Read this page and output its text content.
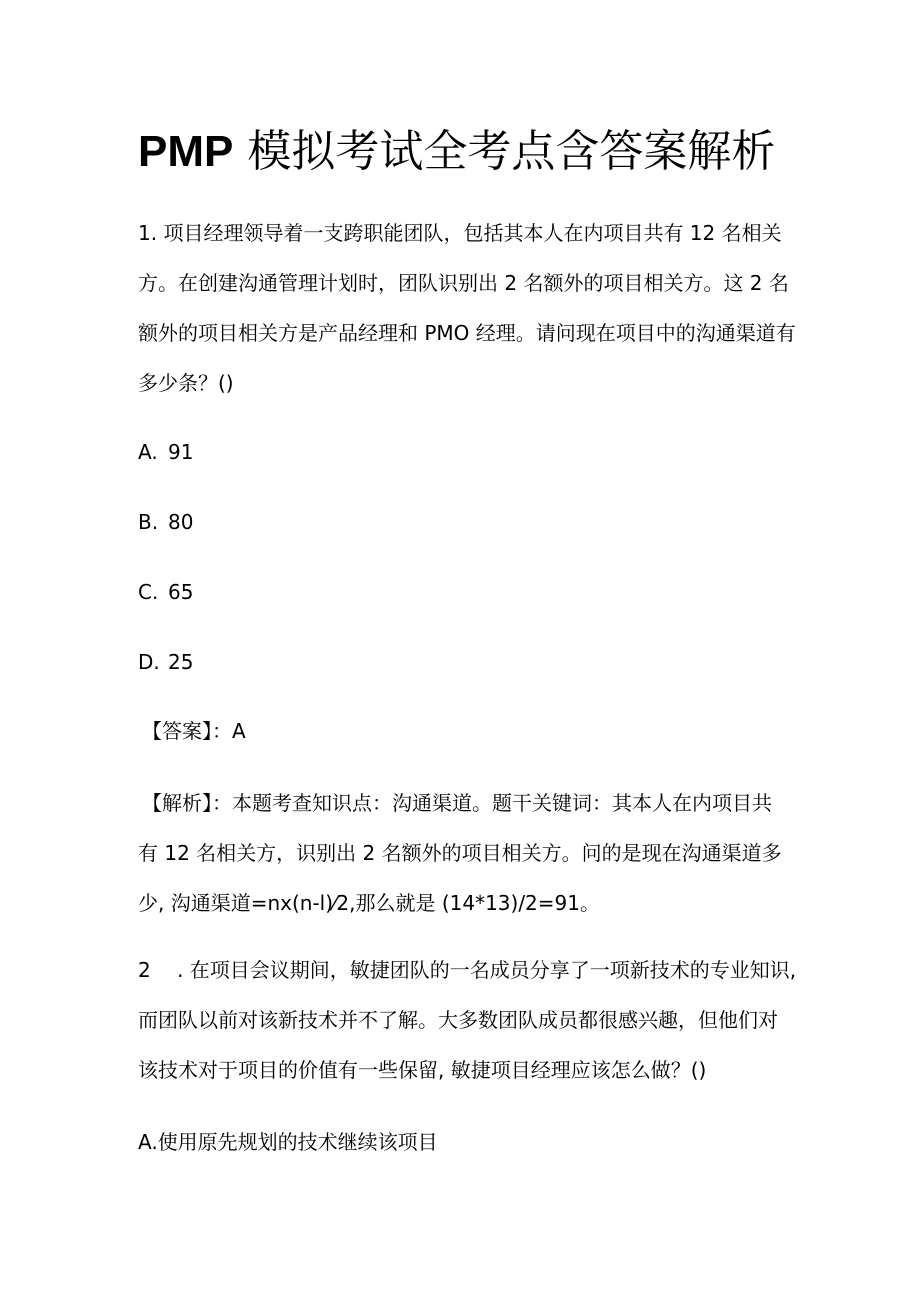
PMP 模拟考试全考点含答案解析
1. 项目经理领导着一支跨职能团队，包括其本人在内项目共有 12 名相关
方。在创建沟通管理计划时，团队识别出 2 名额外的项目相关方。这 2 名
额外的项目相关方是产品经理和 PMO 经理。请问现在项目中的沟通渠道有
多少条？()
A. 91
B. 80
C. 65
D. 25
【答案】：A
【解析】：本题考查知识点：沟通渠道。题干关键词：其本人在内项目共
有 12 名相关方，识别出 2 名额外的项目相关方。问的是现在沟通渠道多
少, 沟通渠道=nx(n-l)⁄2,那么就是 (14*13)/2=91。
2 　. 在项目会议期间，敏捷团队的一名成员分享了一项新技术的专业知识,
而团队以前对该新技术并不了解。大多数团队成员都很感兴趣，但他们对
该技术对于项目的价值有一些保留, 敏捷项目经理应该怎么做？()
A.使用原先规划的技术继续该项目
